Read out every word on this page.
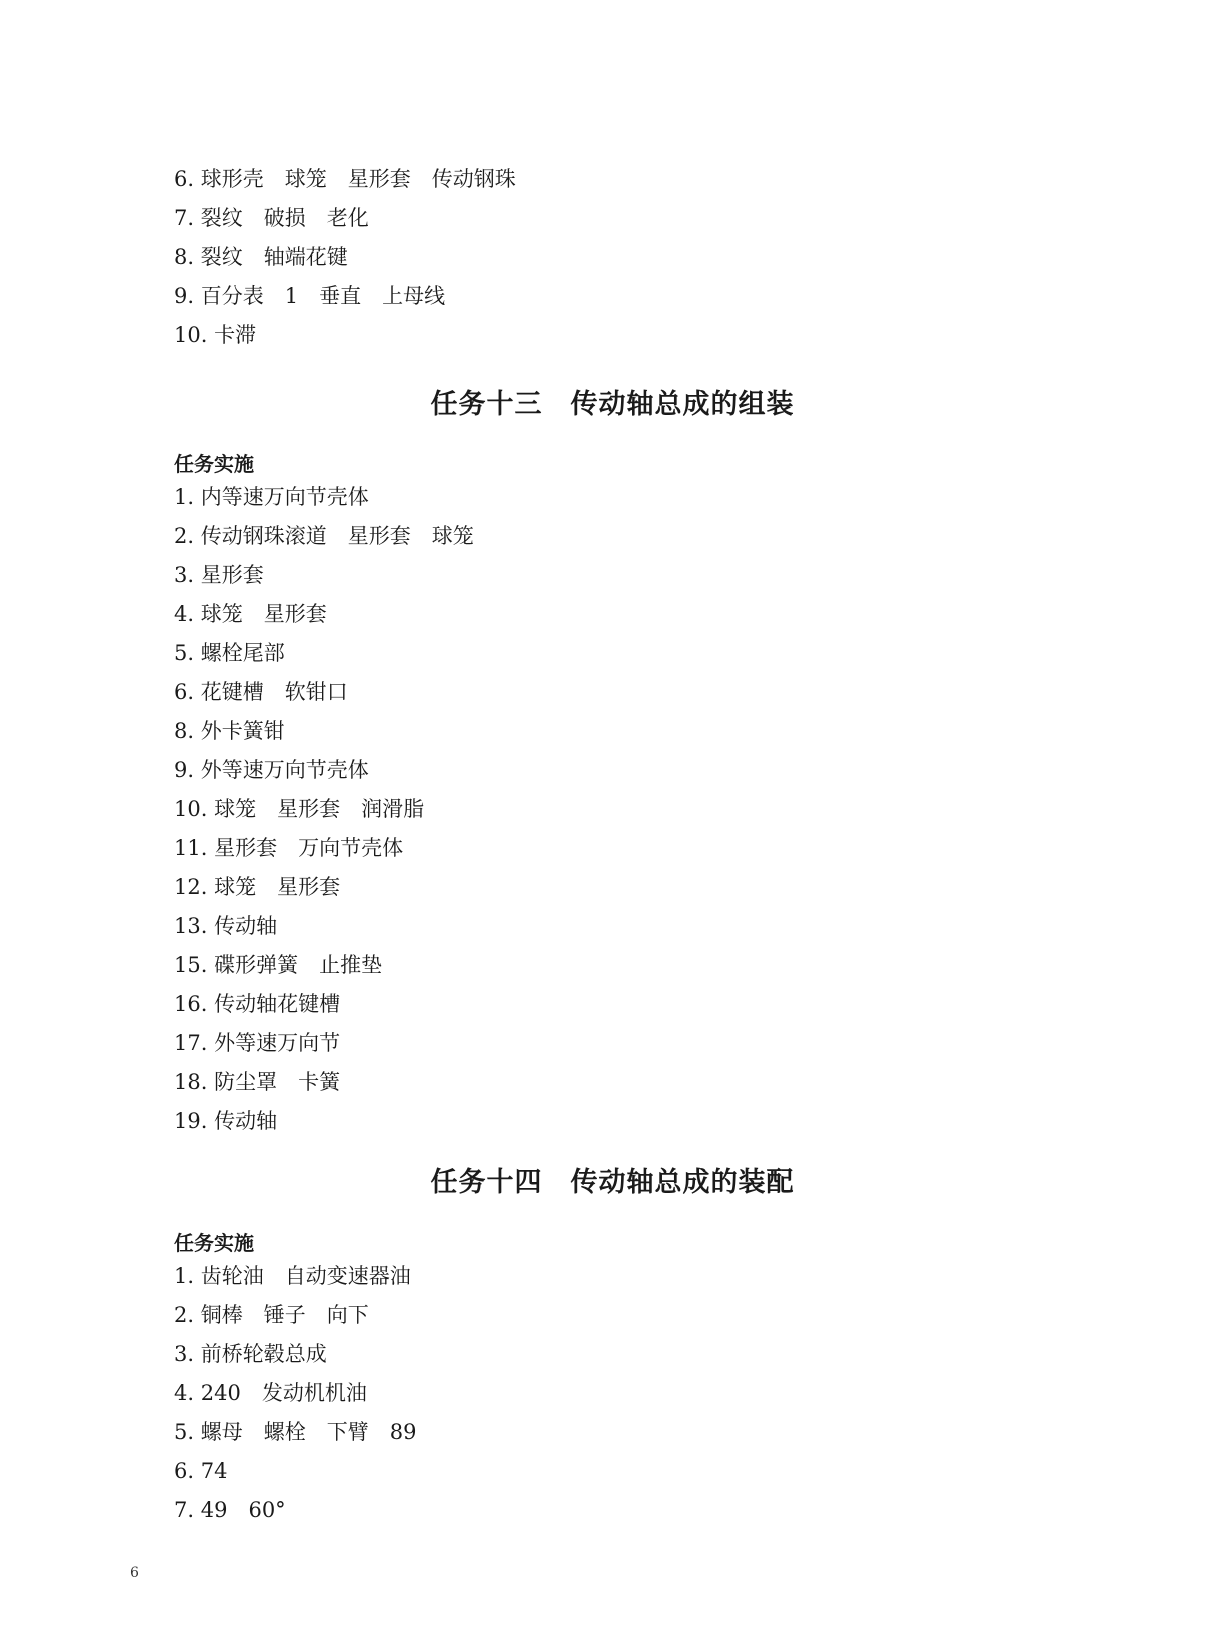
6. 球形壳　球笼　星形套　传动钢珠
7. 裂纹　破损　老化
8. 裂纹　轴端花键
9. 百分表　1　垂直　上母线
10. 卡滞
任务十三　传动轴总成的组装
任务实施
1. 内等速万向节壳体
2. 传动钢珠滚道　星形套　球笼
3. 星形套
4. 球笼　星形套
5. 螺栓尾部
6. 花键槽　软钳口
8. 外卡簧钳
9. 外等速万向节壳体
10. 球笼　星形套　润滑脂
11. 星形套　万向节壳体
12. 球笼　星形套
13. 传动轴
15. 碟形弹簧　止推垫
16. 传动轴花键槽
17. 外等速万向节
18. 防尘罩　卡簧
19. 传动轴
任务十四　传动轴总成的装配
任务实施
1. 齿轮油　自动变速器油
2. 铜棒　锤子　向下
3. 前桥轮毂总成
4. 240　发动机机油
5. 螺母　螺栓　下臂　89
6. 74
7. 49　60°
6
